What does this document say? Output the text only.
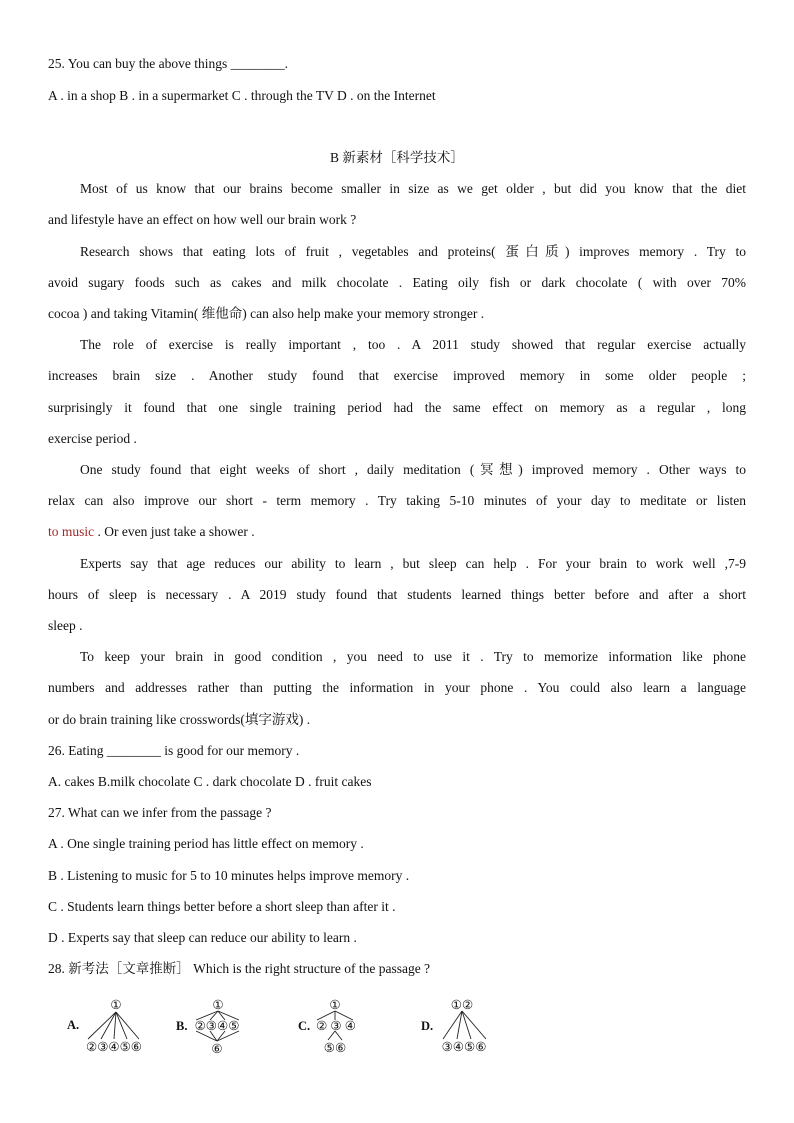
25. You can buy the above things ________.
A . in a shop B . in a supermarket C . through the TV D . on the Internet
B 新素材［科学技术］
Most of us know that our brains become smaller in size as we get older , but did you know that the diet
and lifestyle have an effect on how well our brain work ?
Research shows that eating lots of fruit , vegetables and proteins( 蛋白质) improves memory . Try to
avoid sugary foods such as cakes and milk chocolate . Eating oily fish or dark chocolate ( with over 70%
cocoa ) and taking Vitamin( 维他命) can also help make your memory stronger .
The role of exercise is really important , too . A 2011 study showed that regular exercise actually
increases brain size . Another study found that exercise improved memory in some older people ;
surprisingly it found that one single training period had the same effect on memory as a regular , long
exercise period .
One study found that eight weeks of short , daily meditation (冥想) improved memory . Other ways to
relax can also improve our short - term memory . Try taking 5-10 minutes of your day to meditate or listen
to music . Or even just take a shower .
Experts say that age reduces our ability to learn , but sleep can help . For your brain to work well ,7-9
hours of sleep is necessary . A 2019 study found that students learned things better before and after a short
sleep .
To keep your brain in good condition , you need to use it . Try to memorize information like phone
numbers and addresses rather than putting the information in your phone . You could also learn a language
or do brain training like crosswords(填字游戏) .
26. Eating ________ is good for our memory .
A. cakes B.milk chocolate C . dark chocolate D . fruit cakes
27. What can we infer from the passage ?
A . One single training period has little effect on memory .
B . Listening to music for 5 to 10 minutes helps improve memory .
C . Students learn things better before a short sleep than after it .
D . Experts say that sleep can reduce our ability to learn .
28. 新考法［文章推断］ Which is the right structure of the passage ?
A.
①
②③④⑤⑥
B.
①
②③④⑤
⑥
C.
①
② ③ ④
⑤⑥
D.
①②
③④⑤⑥
